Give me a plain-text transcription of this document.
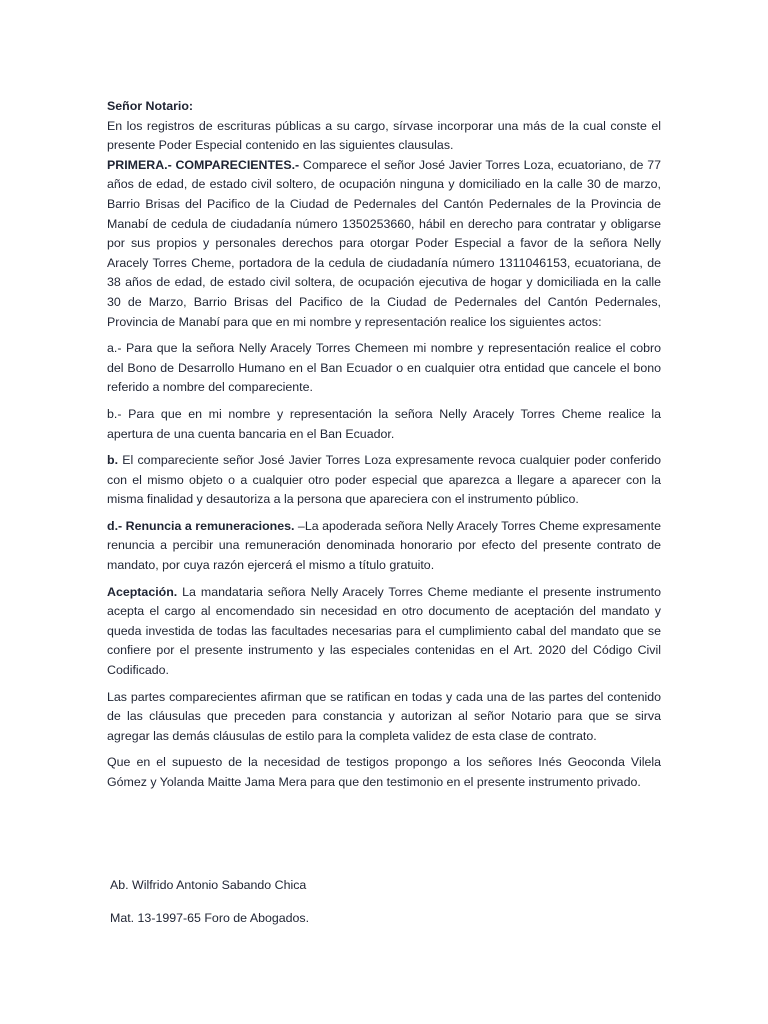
Señor Notario:

En los registros de escrituras públicas a su cargo, sírvase incorporar una más de la cual conste el presente Poder Especial contenido en las siguientes clausulas.

PRIMERA.- COMPARECIENTES.- Comparece el señor José Javier Torres Loza, ecuatoriano, de 77 años de edad, de estado civil soltero, de ocupación ninguna y domiciliado en la calle 30 de marzo, Barrio Brisas del Pacifico de la Ciudad de Pedernales del Cantón Pedernales de la Provincia de Manabí de cedula de ciudadanía número 1350253660, hábil en derecho para contratar y obligarse por sus propios y personales derechos para otorgar Poder Especial a favor de la señora Nelly Aracely Torres Cheme, portadora de la cedula de ciudadanía número 1311046153, ecuatoriana, de 38 años de edad, de estado civil soltera, de ocupación ejecutiva de hogar y domiciliada en la calle 30 de Marzo, Barrio Brisas del Pacifico de la Ciudad de Pedernales del Cantón Pedernales, Provincia de Manabí para que en mi nombre y representación realice los siguientes actos:

a.- Para que la señora Nelly Aracely Torres Chemeen mi nombre y representación realice el cobro del Bono de Desarrollo Humano en el Ban Ecuador o en cualquier otra entidad que cancele el bono referido a nombre del compareciente.

b.- Para que en mi nombre y representación la señora Nelly Aracely Torres Cheme realice la apertura de una cuenta bancaria en el Ban Ecuador.

b. El compareciente señor José Javier Torres Loza expresamente revoca cualquier poder conferido con el mismo objeto o a cualquier otro poder especial que aparezca a llegare a aparecer con la misma finalidad y desautoriza a la persona que apareciera con el instrumento público.

d.- Renuncia a remuneraciones. –La apoderada señora Nelly Aracely Torres Cheme expresamente renuncia a percibir una remuneración denominada honorario por efecto del presente contrato de mandato, por cuya razón ejercerá el mismo a título gratuito.

Aceptación. La mandataria señora Nelly Aracely Torres Cheme mediante el presente instrumento acepta el cargo al encomendado sin necesidad en otro documento de aceptación del mandato y queda investida de todas las facultades necesarias para el cumplimiento cabal del mandato que se confiere por el presente instrumento y las especiales contenidas en el Art. 2020 del Código Civil Codificado.

Las partes comparecientes afirman que se ratifican en todas y cada una de las partes del contenido de las cláusulas que preceden para constancia y autorizan al señor Notario para que se sirva agregar las demás cláusulas de estilo para la completa validez de esta clase de contrato.

Que en el supuesto de la necesidad de testigos propongo a los señores Inés Geoconda Vilela Gómez y Yolanda Maitte Jama Mera para que den testimonio en el presente instrumento privado.

Ab. Wilfrido Antonio Sabando Chica

Mat. 13-1997-65 Foro de Abogados.
